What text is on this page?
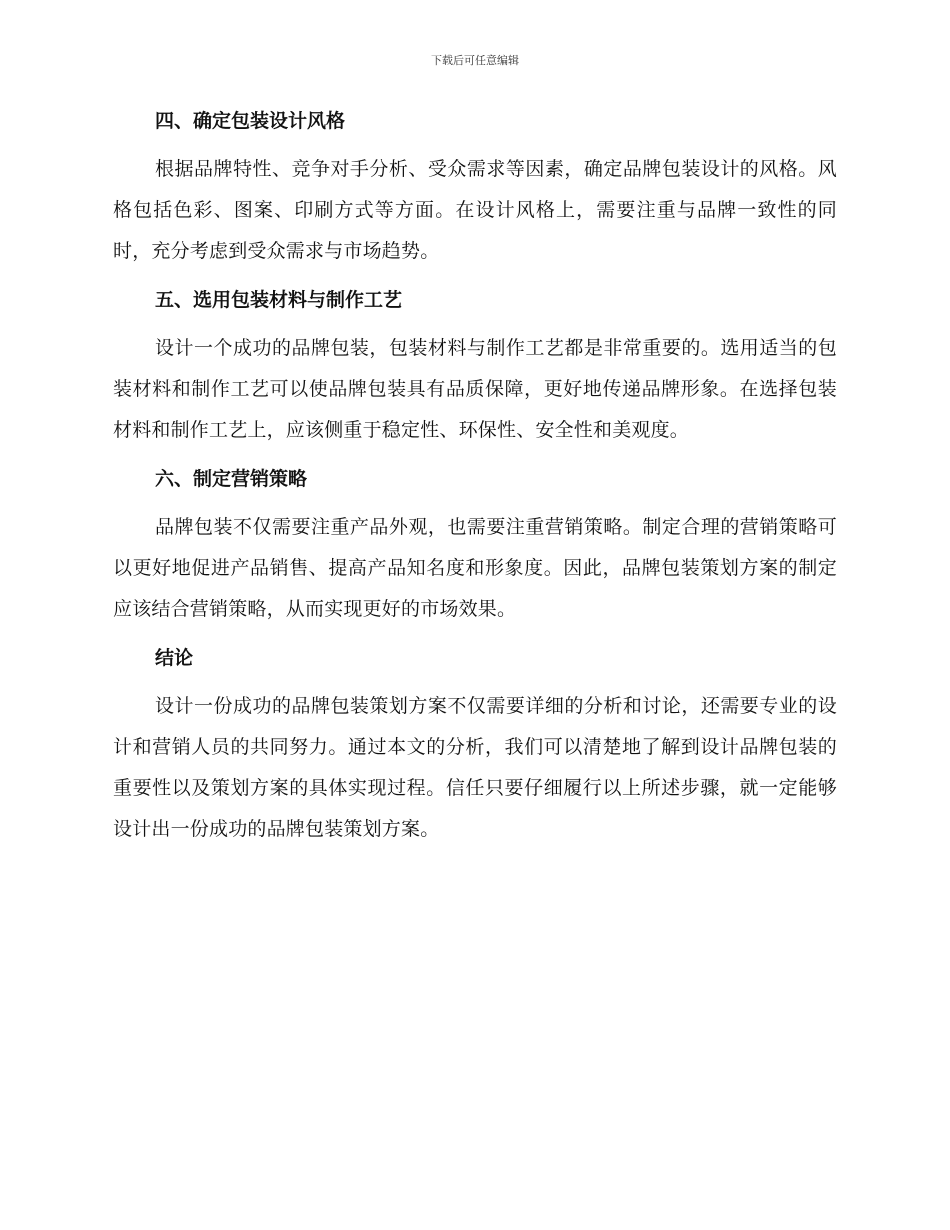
下载后可任意编辑
四、确定包装设计风格

根据品牌特性、竞争对手分析、受众需求等因素，确定品牌包装设计的风格。风格包括色彩、图案、印刷方式等方面。在设计风格上，需要注重与品牌一致性的同时，充分考虑到受众需求与市场趋势。

五、选用包装材料与制作工艺

设计一个成功的品牌包装，包装材料与制作工艺都是非常重要的。选用适当的包装材料和制作工艺可以使品牌包装具有品质保障，更好地传递品牌形象。在选择包装材料和制作工艺上，应该侧重于稳定性、环保性、安全性和美观度。

六、制定营销策略

品牌包装不仅需要注重产品外观，也需要注重营销策略。制定合理的营销策略可以更好地促进产品销售、提高产品知名度和形象度。因此，品牌包装策划方案的制定应该结合营销策略，从而实现更好的市场效果。

结论

设计一份成功的品牌包装策划方案不仅需要详细的分析和讨论，还需要专业的设计和营销人员的共同努力。通过本文的分析，我们可以清楚地了解到设计品牌包装的重要性以及策划方案的具体实现过程。信任只要仔细履行以上所述步骤，就一定能够设计出一份成功的品牌包装策划方案。
